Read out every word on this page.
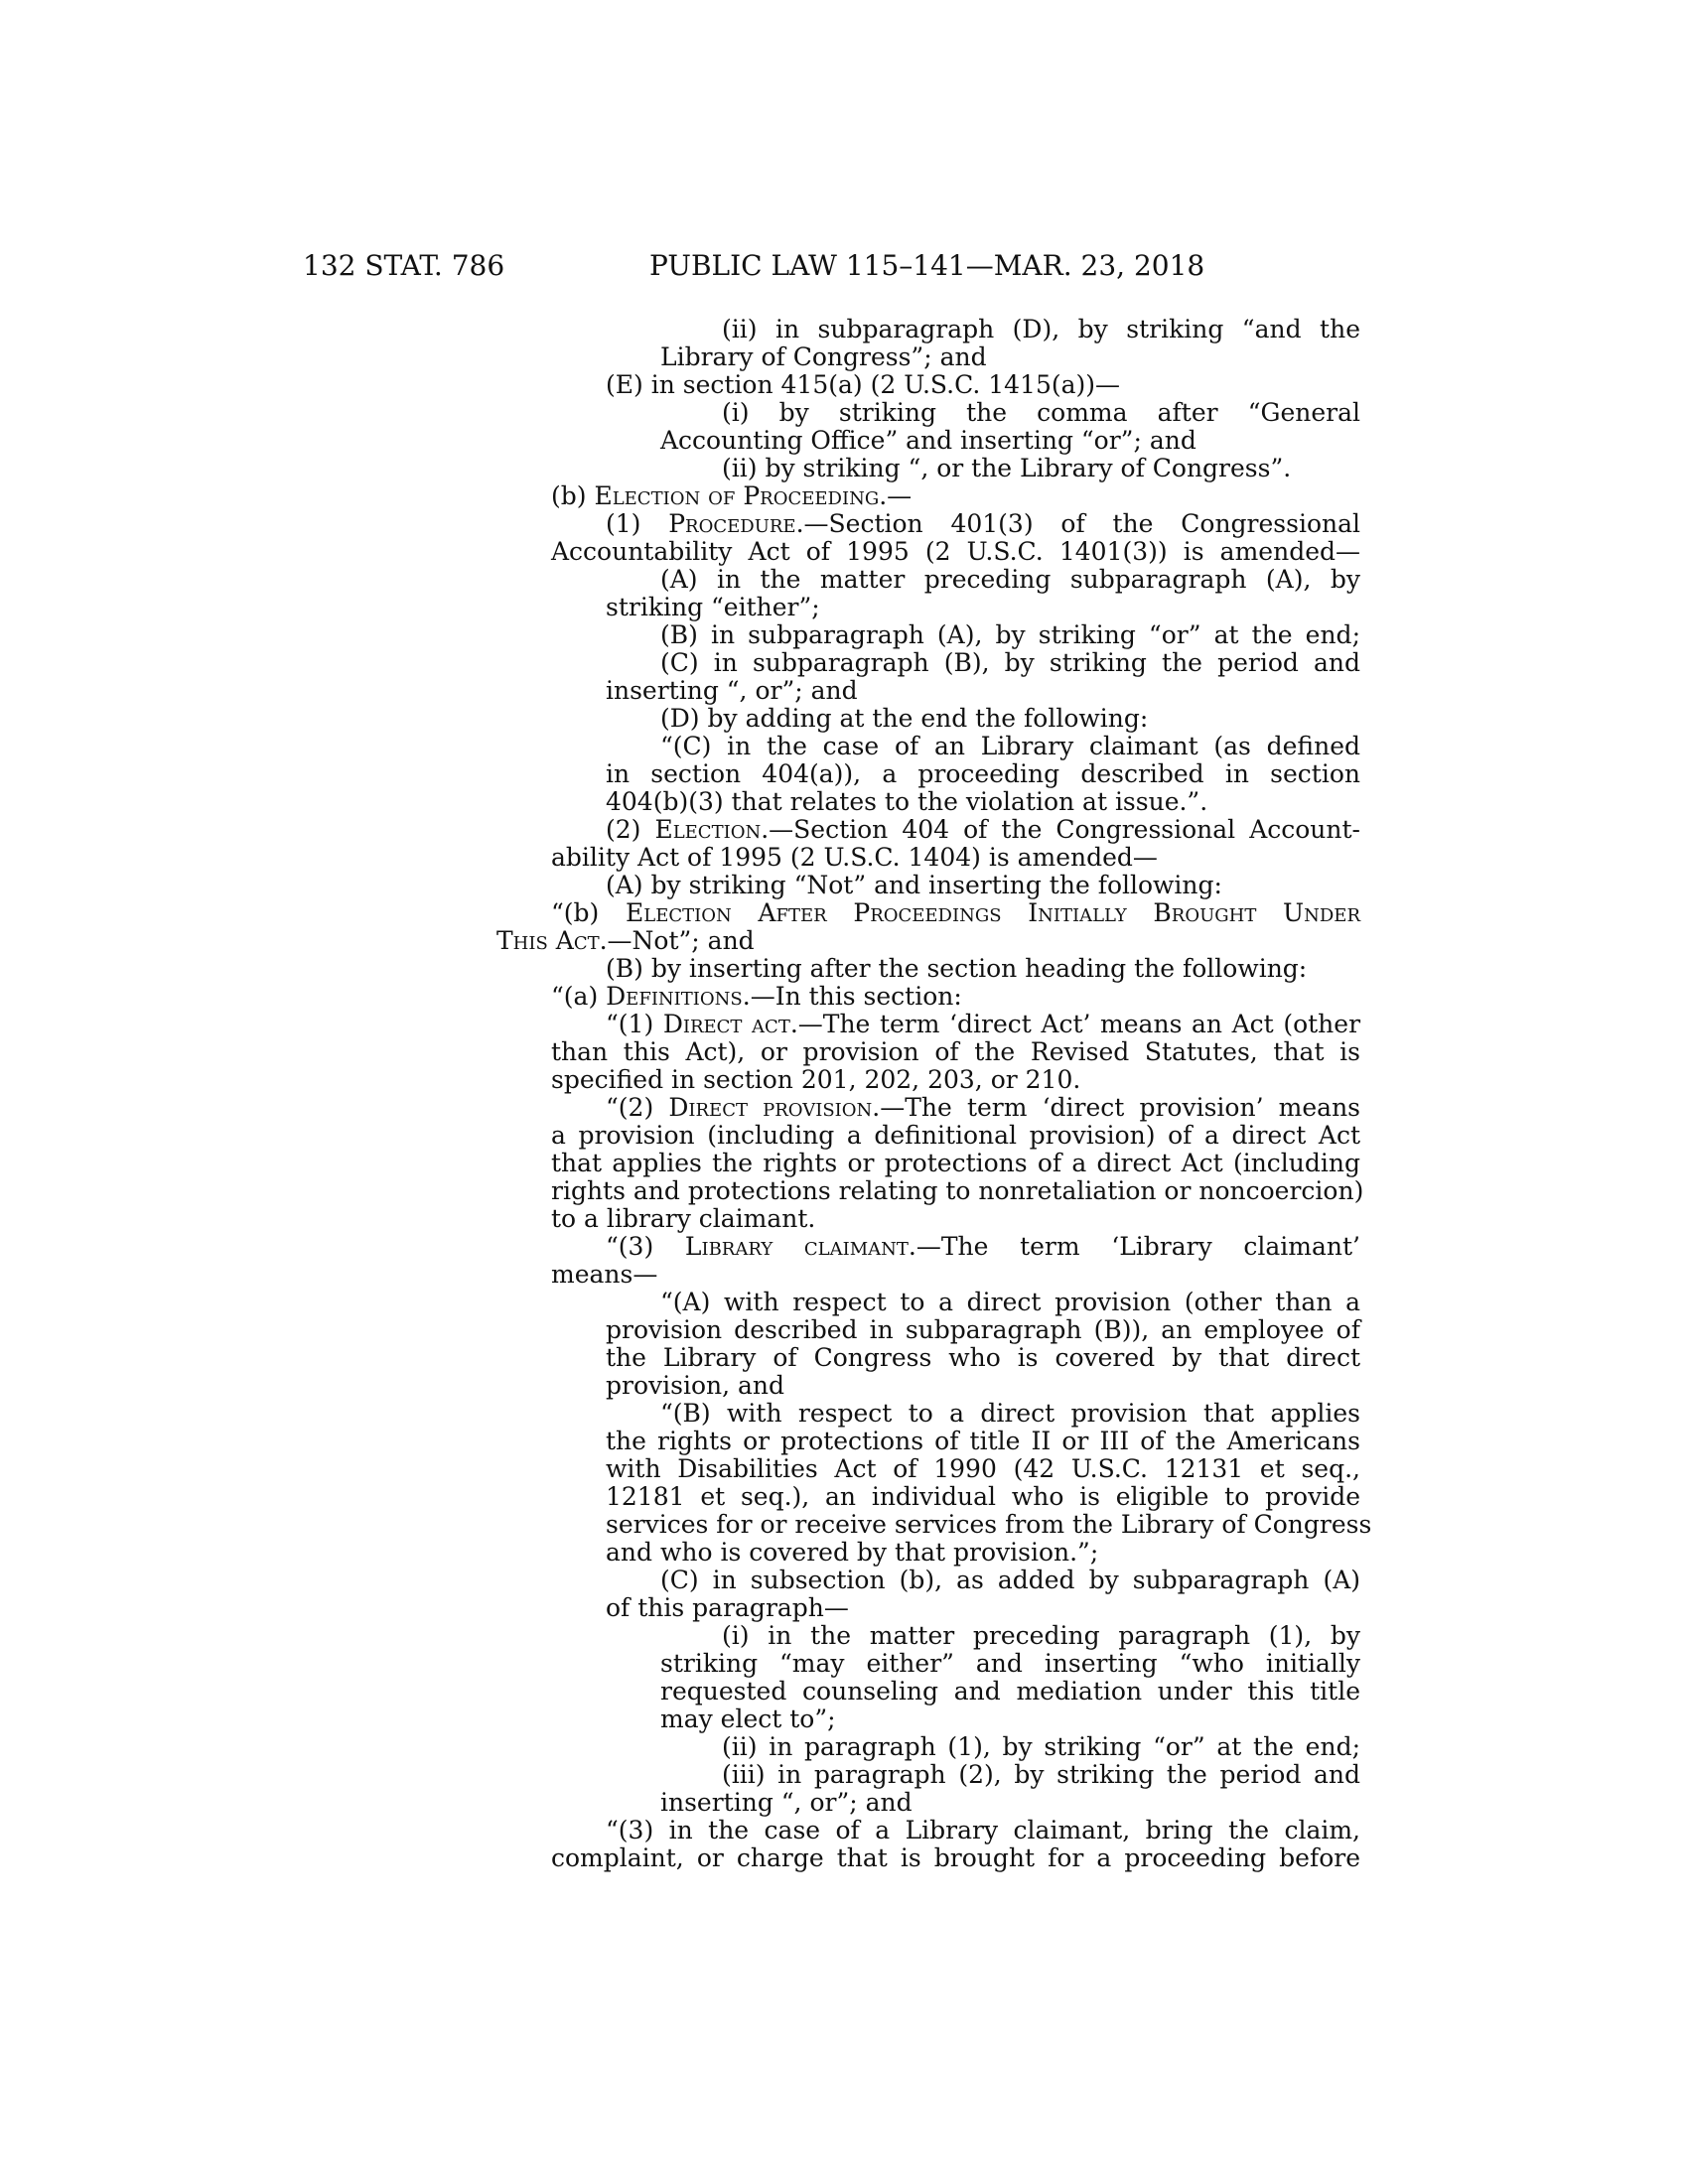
132 STAT. 786	PUBLIC LAW 115–141—MAR. 23, 2018
(ii) in subparagraph (D), by striking “and the
Library of Congress”; and
(E) in section 415(a) (2 U.S.C. 1415(a))—
(i) by striking the comma after “General
Accounting Office” and inserting “or”; and
(ii) by striking “, or the Library of Congress”.
(b) Election of Proceeding.—
(1) Procedure.—Section 401(3) of the Congressional
Accountability Act of 1995 (2 U.S.C. 1401(3)) is amended—
(A) in the matter preceding subparagraph (A), by
striking “either”;
(B) in subparagraph (A), by striking “or” at the end;
(C) in subparagraph (B), by striking the period and
inserting “, or”; and
(D) by adding at the end the following:
“(C) in the case of an Library claimant (as defined
in section 404(a)), a proceeding described in section
404(b)(3) that relates to the violation at issue.”.
(2) Election.—Section 404 of the Congressional Account-
ability Act of 1995 (2 U.S.C. 1404) is amended—
(A) by striking “Not” and inserting the following:
“(b) Election After Proceedings Initially Brought Under
This Act.—Not”; and
(B) by inserting after the section heading the following:
“(a) Definitions.—In this section:
“(1) Direct act.—The term ‘direct Act’ means an Act (other
than this Act), or provision of the Revised Statutes, that is
specified in section 201, 202, 203, or 210.
“(2) Direct provision.—The term ‘direct provision’ means
a provision (including a definitional provision) of a direct Act
that applies the rights or protections of a direct Act (including
rights and protections relating to nonretaliation or noncoercion)
to a library claimant.
“(3) Library claimant.—The term ‘Library claimant’
means—
“(A) with respect to a direct provision (other than a
provision described in subparagraph (B)), an employee of
the Library of Congress who is covered by that direct
provision, and
“(B) with respect to a direct provision that applies
the rights or protections of title II or III of the Americans
with Disabilities Act of 1990 (42 U.S.C. 12131 et seq.,
12181 et seq.), an individual who is eligible to provide
services for or receive services from the Library of Congress
and who is covered by that provision.”;
(C) in subsection (b), as added by subparagraph (A)
of this paragraph—
(i) in the matter preceding paragraph (1), by
striking “may either” and inserting “who initially
requested counseling and mediation under this title
may elect to”;
(ii) in paragraph (1), by striking “or” at the end;
(iii) in paragraph (2), by striking the period and
inserting “, or”; and
“(3) in the case of a Library claimant, bring the claim,
complaint, or charge that is brought for a proceeding before
